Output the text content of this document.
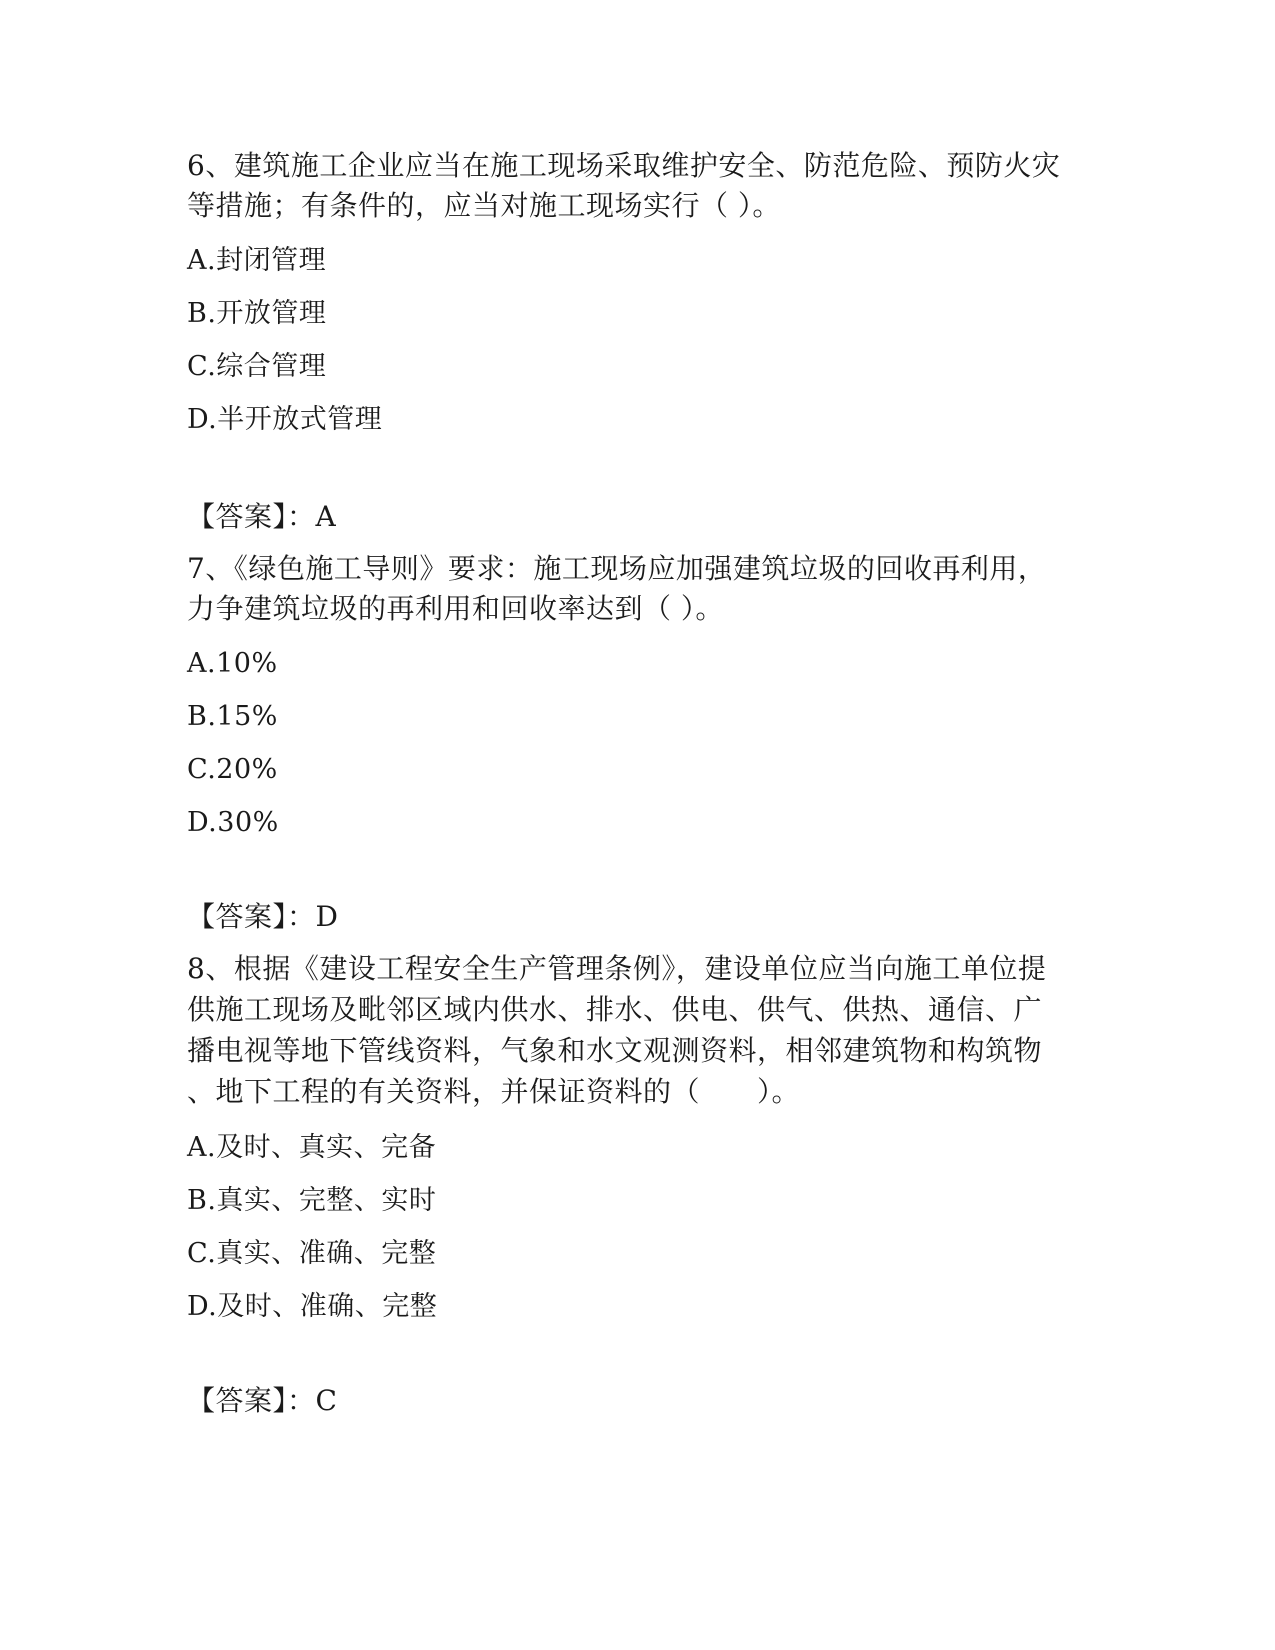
6、建筑施工企业应当在施工现场采取维护安全、防范危险、预防火灾
等措施；有条件的，应当对施工现场实行（ ）。
A.封闭管理
B.开放管理
C.综合管理
D.半开放式管理
【答案】：A
7、《绿色施工导则》要求：施工现场应加强建筑垃圾的回收再利用，
力争建筑垃圾的再利用和回收率达到（ ）。
A.10%
B.15%
C.20%
D.30%
【答案】：D
8、根据《建设工程安全生产管理条例》，建设单位应当向施工单位提
供施工现场及毗邻区域内供水、排水、供电、供气、供热、通信、广
播电视等地下管线资料，气象和水文观测资料，相邻建筑物和构筑物
、地下工程的有关资料，并保证资料的（　　）。
A.及时、真实、完备
B.真实、完整、实时
C.真实、准确、完整
D.及时、准确、完整
【答案】：C
